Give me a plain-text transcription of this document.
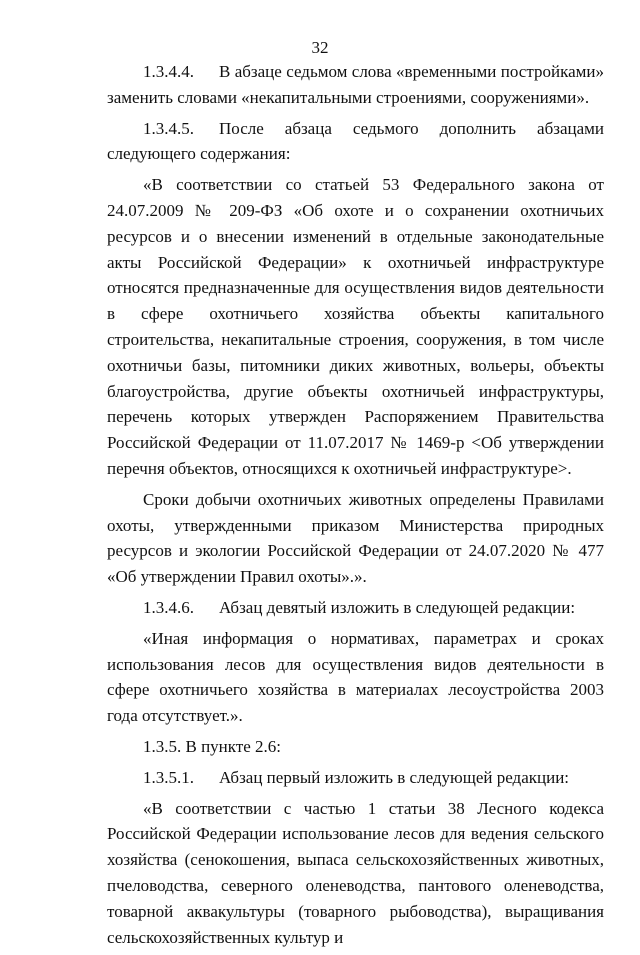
32

1.3.4.4. В абзаце седьмом слова «временными постройками» заменить словами «некапитальными строениями, сооружениями».

1.3.4.5. После абзаца седьмого дополнить абзацами следующего содержания:

«В соответствии со статьей 53 Федерального закона от 24.07.2009 № 209-ФЗ «Об охоте и о сохранении охотничьих ресурсов и о внесении изменений в отдельные законодательные акты Российской Федерации» к охотничьей инфраструктуре относятся предназначенные для осуществления видов деятельности в сфере охотничьего хозяйства объекты капитального строительства, некапитальные строения, сооружения, в том числе охотничьи базы, питомники диких животных, вольеры, объекты благоустройства, другие объекты охотничьей инфраструктуры, перечень которых утвержден Распоряжением Правительства Российской Федерации от 11.07.2017 № 1469-р <Об утверждении перечня объектов, относящихся к охотничьей инфраструктуре>.

Сроки добычи охотничьих животных определены Правилами охоты, утвержденными приказом Министерства природных ресурсов и экологии Российской Федерации от 24.07.2020 № 477 «Об утверждении Правил охоты».».

1.3.4.6. Абзац девятый изложить в следующей редакции:

«Иная информация о нормативах, параметрах и сроках использования лесов для осуществления видов деятельности в сфере охотничьего хозяйства в материалах лесоустройства 2003 года отсутствует.».

1.3.5. В пункте 2.6:

1.3.5.1. Абзац первый изложить в следующей редакции:

«В соответствии с частью 1 статьи 38 Лесного кодекса Российской Федерации использование лесов для ведения сельского хозяйства (сенокошения, выпаса сельскохозяйственных животных, пчеловодства, северного оленеводства, пантового оленеводства, товарной аквакультуры (товарного рыбоводства), выращивания сельскохозяйственных культур и
